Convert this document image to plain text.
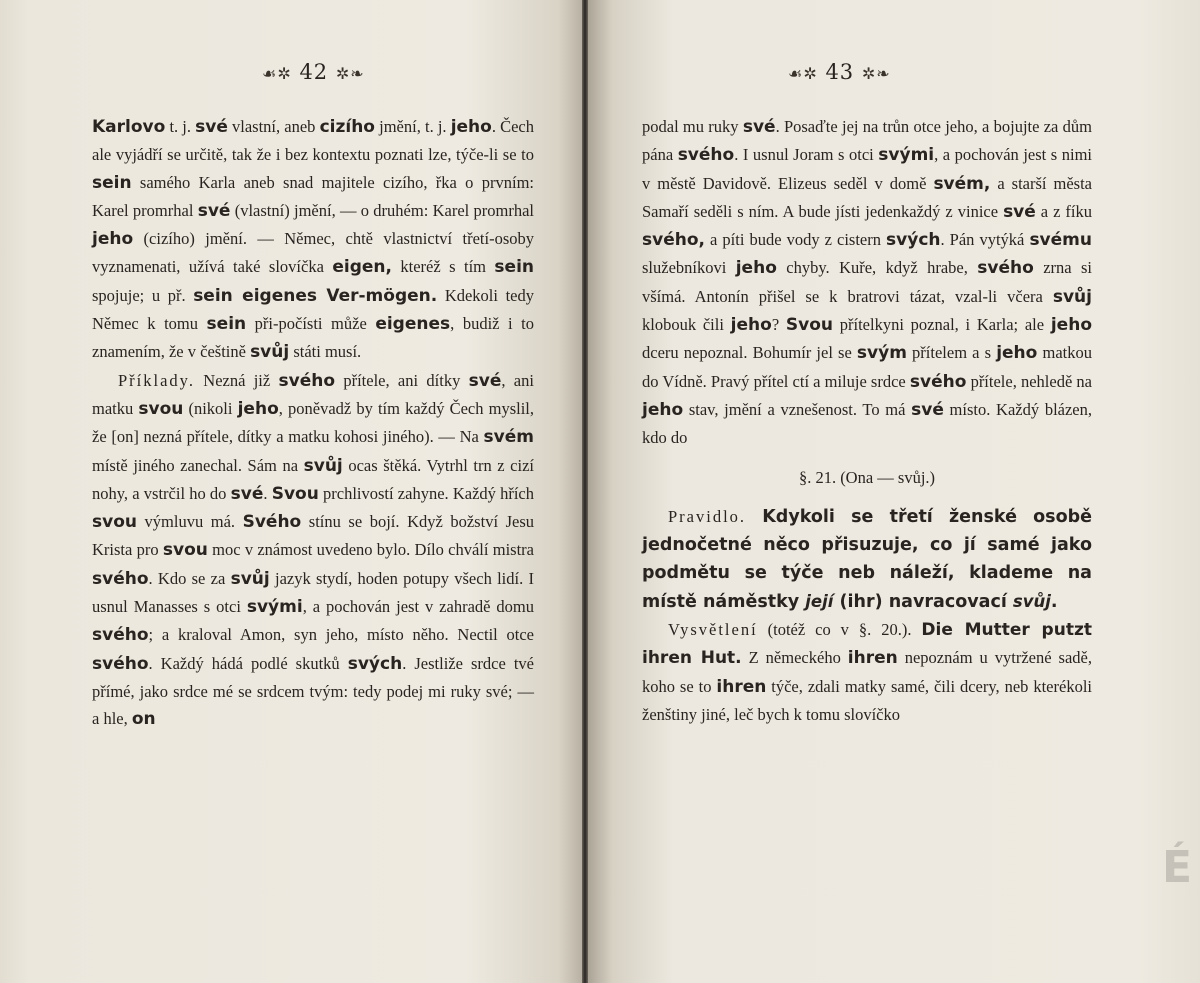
☙✲ 42 ✲❧

Karlovo t. j. své vlastní, aneb cizího jmění, t. j. jeho. Čech ale vyjádří se určitě, tak že i bez kontextu poznati lze, týče-li se to sein samého Karla aneb snad majitele cizího, řka o prvním: Karel promrhal své (vlastní) jmění, — o druhém: Karel promrhal jeho (cizího) jmění. — Němec, chtě vlastnictví třetí-osoby vyznamenati, užívá také slovíčka eigen, kteréž s tím sein spojuje; u př. sein eigenes Ver-mögen. Kdekoli tedy Němec k tomu sein při-počísti může eigenes, budiž i to znamením, že v češtině svůj státi musí.

Příklady. Nezná již svého přítele, ani dítky své, ani matku svou (nikoli jeho, poněvadž by tím každý Čech myslil, že [on] nezná přítele, dítky a matku kohosi jiného). — Na svém místě jiného zanechal. Sám na svůj ocas štěká. Vytrhl trn z cizí nohy, a vstrčil ho do své. Svou prchlivostí zahyne. Každý hřích svou výmluvu má. Svého stínu se bojí. Když božství Jesu Krista pro svou moc v známost uvedeno bylo. Dílo chválí mistra svého. Kdo se za svůj jazyk stydí, hoden potupy všech lidí. I usnul Manasses s otci svými, a pochován jest v zahradě domu svého; a kraloval Amon, syn jeho, místo něho. Nectil otce svého. Každý hádá podlé skutků svých. Jestliže srdce tvé přímé, jako srdce mé se srdcem tvým: tedy podej mi ruky své; — a hle, on

☙✲ 43 ✲❧

podal mu ruky své. Posaďte jej na trůn otce jeho, a bojujte za dům pána svého. I usnul Joram s otci svými, a pochován jest s nimi v městě Davidově. Elizeus seděl v domě svém, a starší města Samaří seděli s ním. A bude jísti jedenkaždý z vinice své a z fíku svého, a píti bude vody z cistern svých. Pán vytýká svému služebníkovi jeho chyby. Kuře, když hrabe, svého zrna si všímá. Antonín přišel se k bratrovi tázat, vzal-li včera svůj klobouk čili jeho? Svou přítelkyni poznal, i Karla; ale jeho dceru nepoznal. Bohumír jel se svým přítelem a s jeho matkou do Vídně. Pravý přítel ctí a miluje srdce svého přítele, nehledě na jeho stav, jmění a vznešenost. To má své místo. Každý blázen, kdo do

§. 21. (Ona — svůj.)

Pravidlo. Kdykoli se třetí ženské osobě jednočetné něco přisuzuje, co jí samé jako podmětu se týče neb náleží, klademe na místě náměstky její (ihr) navracovací svůj.

Vysvětlení (totéž co v §. 20.). Die Mutter putzt ihren Hut. Z německého ihren nepoznám u vytržené sadě, koho se to ihren týče, zdali matky samé, čili dcery, neb kterékoli ženštiny jiné, leč bych k tomu slovíčko

É
